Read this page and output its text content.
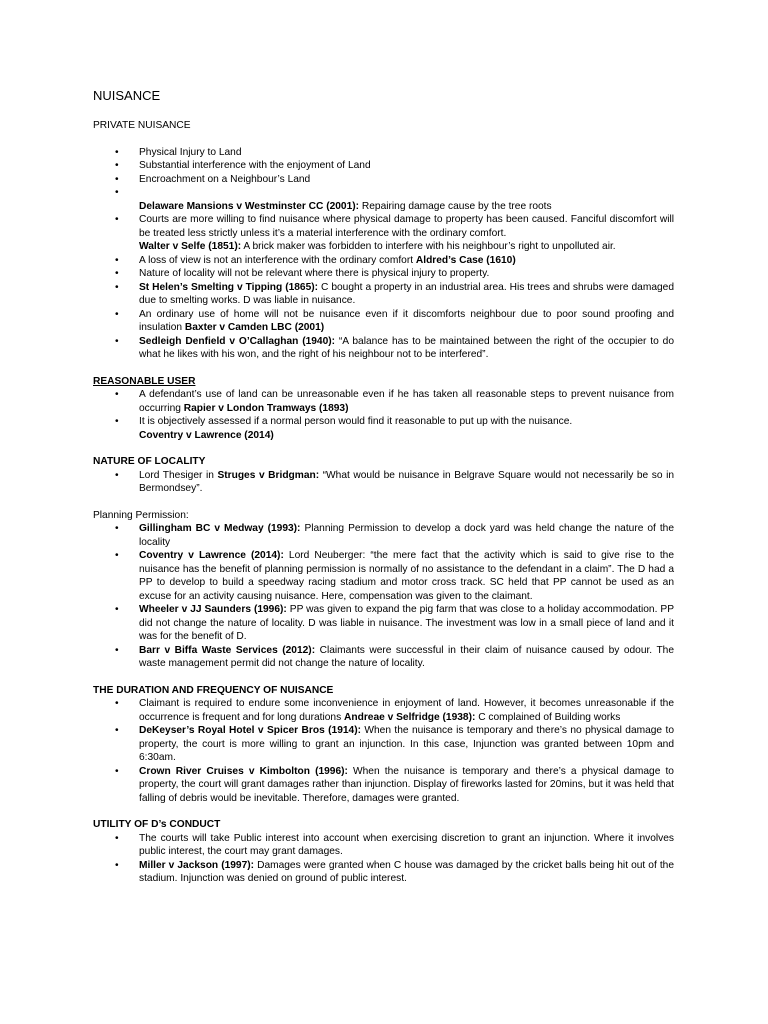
NUISANCE
PRIVATE NUISANCE
• Physical Injury to Land
• Substantial interference with the enjoyment of Land
• Encroachment on a Neighbour’s Land
•
Delaware Mansions v Westminster CC (2001): Repairing damage cause by the tree roots
• Courts are more willing to find nuisance where physical damage to property has been caused. Fanciful discomfort will be treated less strictly unless it’s a material interference with the ordinary comfort.
Walter v Selfe (1851): A brick maker was forbidden to interfere with his neighbour’s right to unpolluted air.
• A loss of view is not an interference with the ordinary comfort Aldred’s Case (1610)
• Nature of locality will not be relevant where there is physical injury to property.
• St Helen’s Smelting v Tipping (1865): C bought a property in an industrial area. His trees and shrubs were damaged due to smelting works. D was liable in nuisance.
• An ordinary use of home will not be nuisance even if it discomforts neighbour due to poor sound proofing and insulation Baxter v Camden LBC (2001)
• Sedleigh Denfield v O’Callaghan (1940): “A balance has to be maintained between the right of the occupier to do what he likes with his won, and the right of his neighbour not to be interfered”.
REASONABLE USER
• A defendant’s use of land can be unreasonable even if he has taken all reasonable steps to prevent nuisance from occurring Rapier v London Tramways (1893)
• It is objectively assessed if a normal person would find it reasonable to put up with the nuisance.
Coventry v Lawrence (2014)
NATURE OF LOCALITY
• Lord Thesiger in Struges v Bridgman: “What would be nuisance in Belgrave Square would not necessarily be so in Bermondsey”.
Planning Permission:
• Gillingham BC v Medway (1993): Planning Permission to develop a dock yard was held change the nature of the locality
• Coventry v Lawrence (2014): Lord Neuberger: “the mere fact that the activity which is said to give rise to the nuisance has the benefit of planning permission is normally of no assistance to the defendant in a claim”. The D had a PP to develop to build a speedway racing stadium and motor cross track. SC held that PP cannot be used as an excuse for an activity causing nuisance. Here, compensation was given to the claimant.
• Wheeler v JJ Saunders (1996): PP was given to expand the pig farm that was close to a holiday accommodation. PP did not change the nature of locality. D was liable in nuisance. The investment was low in a small piece of land and it was for the benefit of D.
• Barr v Biffa Waste Services (2012): Claimants were successful in their claim of nuisance caused by odour. The waste management permit did not change the nature of locality.
THE DURATION AND FREQUENCY OF NUISANCE
• Claimant is required to endure some inconvenience in enjoyment of land. However, it becomes unreasonable if the occurrence is frequent and for long durations Andreae v Selfridge (1938): C complained of Building works
• DeKeyser’s Royal Hotel v Spicer Bros (1914): When the nuisance is temporary and there’s no physical damage to property, the court is more willing to grant an injunction. In this case, Injunction was granted between 10pm and 6:30am.
• Crown River Cruises v Kimbolton (1996): When the nuisance is temporary and there’s a physical damage to property, the court will grant damages rather than injunction. Display of fireworks lasted for 20mins, but it was held that falling of debris would be inevitable. Therefore, damages were granted.
UTILITY OF D’s CONDUCT
• The courts will take Public interest into account when exercising discretion to grant an injunction. Where it involves public interest, the court may grant damages.
• Miller v Jackson (1997): Damages were granted when C house was damaged by the cricket balls being hit out of the stadium. Injunction was denied on ground of public interest.
